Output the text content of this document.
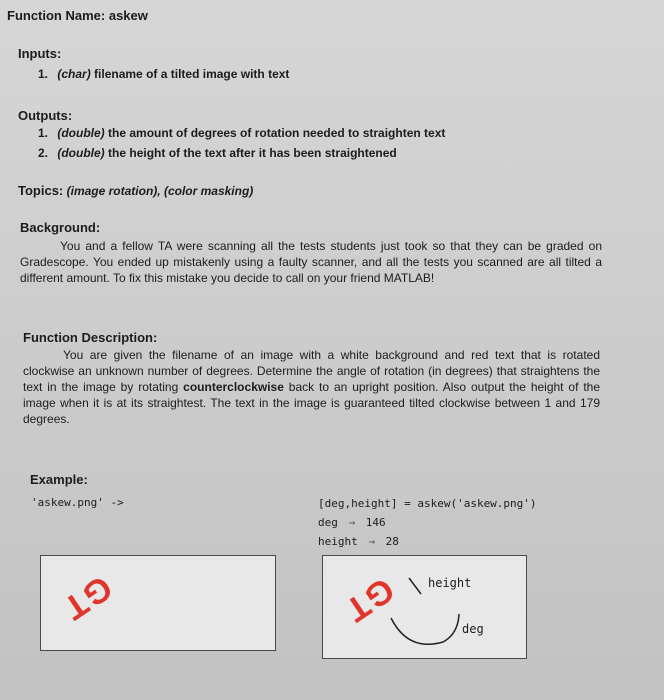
Function Name: askew
Inputs:
1. (char) filename of a tilted image with text
Outputs:
1. (double) the amount of degrees of rotation needed to straighten text
2. (double) the height of the text after it has been straightened
Topics: (image rotation), (color masking)
Background:
You and a fellow TA were scanning all the tests students just took so that they can be graded on Gradescope. You ended up mistakenly using a faulty scanner, and all the tests you scanned are all tilted a different amount. To fix this mistake you decide to call on your friend MATLAB!
Function Description:
You are given the filename of an image with a white background and red text that is rotated clockwise an unknown number of degrees. Determine the angle of rotation (in degrees) that straightens the text in the image by rotating counterclockwise back to an upright position. Also output the height of the image when it is at its straightest. The text in the image is guaranteed tilted clockwise between 1 and 179 degrees.
Example:
'askew.png' ->	[deg,height] = askew('askew.png')
deg → 146
height → 28
GT	GT height
deg
